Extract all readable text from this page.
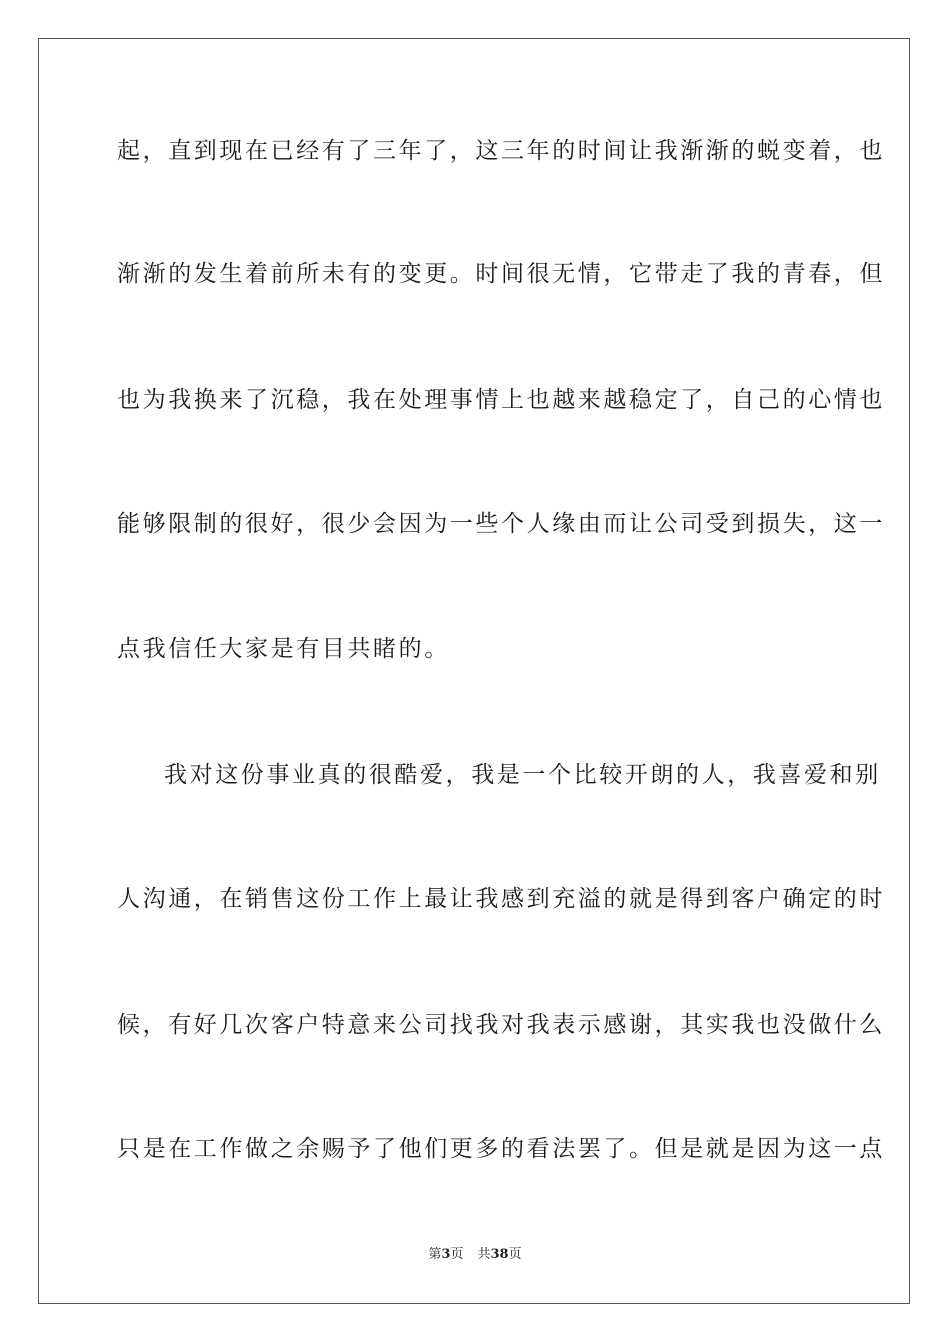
起，直到现在已经有了三年了，这三年的时间让我渐渐的蜕变着，也
渐渐的发生着前所未有的变更。时间很无情，它带走了我的青春，但
也为我换来了沉稳，我在处理事情上也越来越稳定了，自己的心情也
能够限制的很好，很少会因为一些个人缘由而让公司受到损失，这一
点我信任大家是有目共睹的。
我对这份事业真的很酷爱，我是一个比较开朗的人，我喜爱和别
人沟通，在销售这份工作上最让我感到充溢的就是得到客户确定的时
候，有好几次客户特意来公司找我对我表示感谢，其实我也没做什么
只是在工作做之余赐予了他们更多的看法罢了。但是就是因为这一点
第3页 共38页
